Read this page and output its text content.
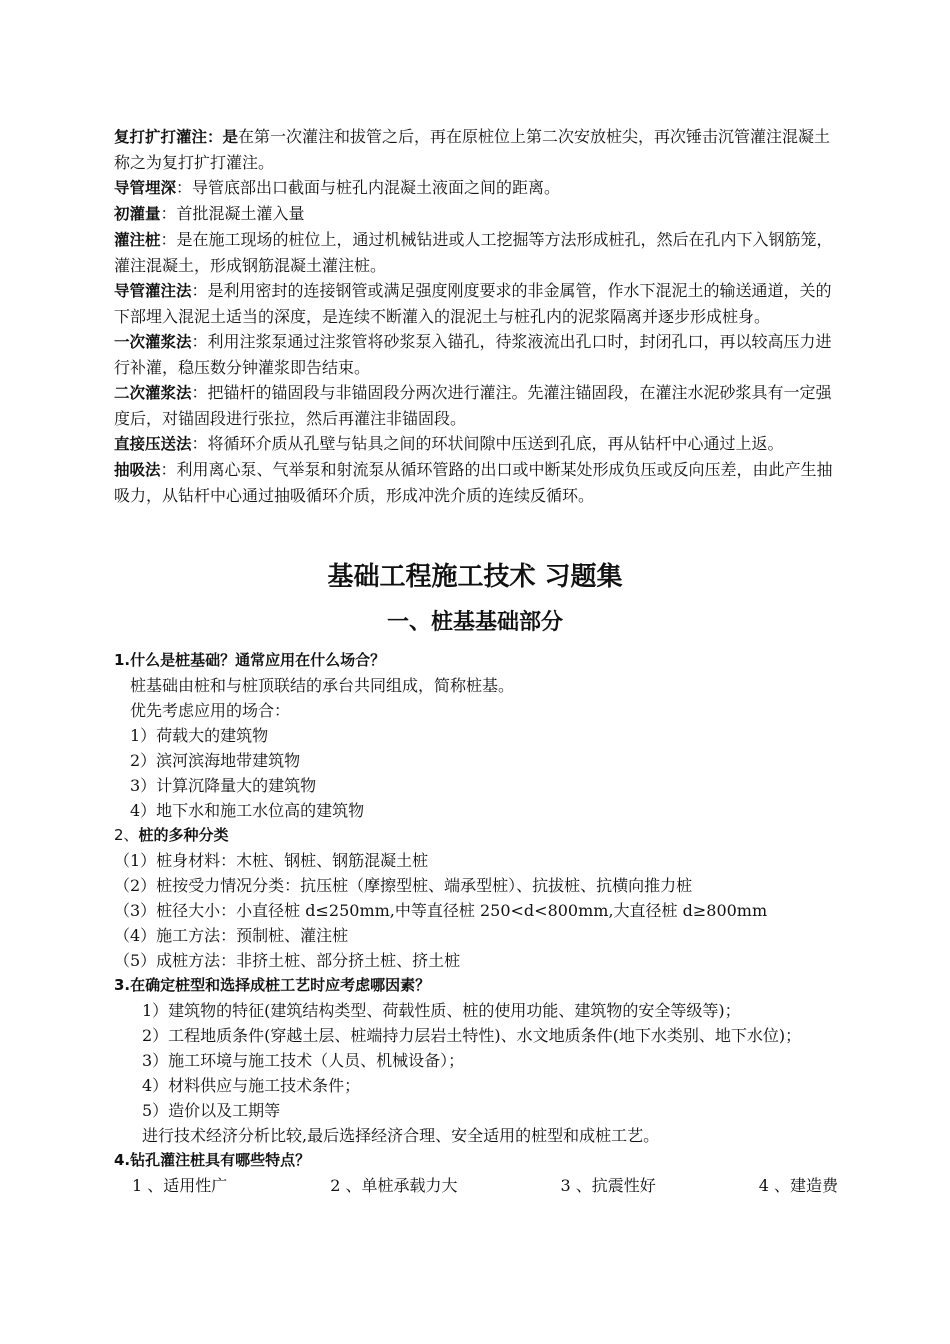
复打扩打灌注：是在第一次灌注和拔管之后，再在原桩位上第二次安放桩尖，再次锤击沉管灌注混凝土称之为复打扩打灌注。

导管埋深：导管底部出口截面与桩孔内混凝土液面之间的距离。

初灌量：首批混凝土灌入量

灌注桩：是在施工现场的桩位上，通过机械钻进或人工挖掘等方法形成桩孔，然后在孔内下入钢筋笼，灌注混凝土，形成钢筋混凝土灌注桩。

导管灌注法：是利用密封的连接钢管或满足强度刚度要求的非金属管，作水下混泥土的输送通道，关的下部埋入混泥土适当的深度，是连续不断灌入的混泥土与桩孔内的泥浆隔离并逐步形成桩身。

一次灌浆法：利用注浆泵通过注浆管将砂浆泵入锚孔，待浆液流出孔口时，封闭孔口，再以较高压力进行补灌，稳压数分钟灌浆即告结束。

二次灌浆法：把锚杆的锚固段与非锚固段分两次进行灌注。先灌注锚固段，在灌注水泥砂浆具有一定强度后，对锚固段进行张拉，然后再灌注非锚固段。

直接压送法：将循环介质从孔壁与钻具之间的环状间隙中压送到孔底，再从钻杆中心通过上返。

抽吸法：利用离心泵、气举泵和射流泵从循环管路的出口或中断某处形成负压或反向压差，由此产生抽吸力，从钻杆中心通过抽吸循环介质，形成冲洗介质的连续反循环。

基础工程施工技术 习题集
一、桩基基础部分
1.什么是桩基础？通常应用在什么场合？
桩基础由桩和与桩顶联结的承台共同组成，简称桩基。
优先考虑应用的场合：
1）荷载大的建筑物
2）滨河滨海地带建筑物
3）计算沉降量大的建筑物
4）地下水和施工水位高的建筑物
2、桩的多种分类
（1）桩身材料：木桩、钢桩、钢筋混凝土桩
（2）桩按受力情况分类：抗压桩（摩擦型桩、端承型桩）、抗拔桩、抗横向推力桩
（3）桩径大小：小直径桩 d≤250mm,中等直径桩 250<d<800mm,大直径桩 d≥800mm
（4）施工方法：预制桩、灌注桩
（5）成桩方法：非挤土桩、部分挤土桩、挤土桩
3.在确定桩型和选择成桩工艺时应考虑哪因素？
1）建筑物的特征(建筑结构类型、荷载性质、桩的使用功能、建筑物的安全等级等)；
2）工程地质条件(穿越土层、桩端持力层岩土特性)、水文地质条件(地下水类别、地下水位)；
3）施工环境与施工技术（人员、机械设备）；
4）材料供应与施工技术条件；
5）造价以及工期等
进行技术经济分析比较,最后选择经济合理、安全适用的桩型和成桩工艺。
4.钻孔灌注桩具有哪些特点？
1 、适用性广	2 、单桩承载力大	3 、抗震性好	4 、建造费
